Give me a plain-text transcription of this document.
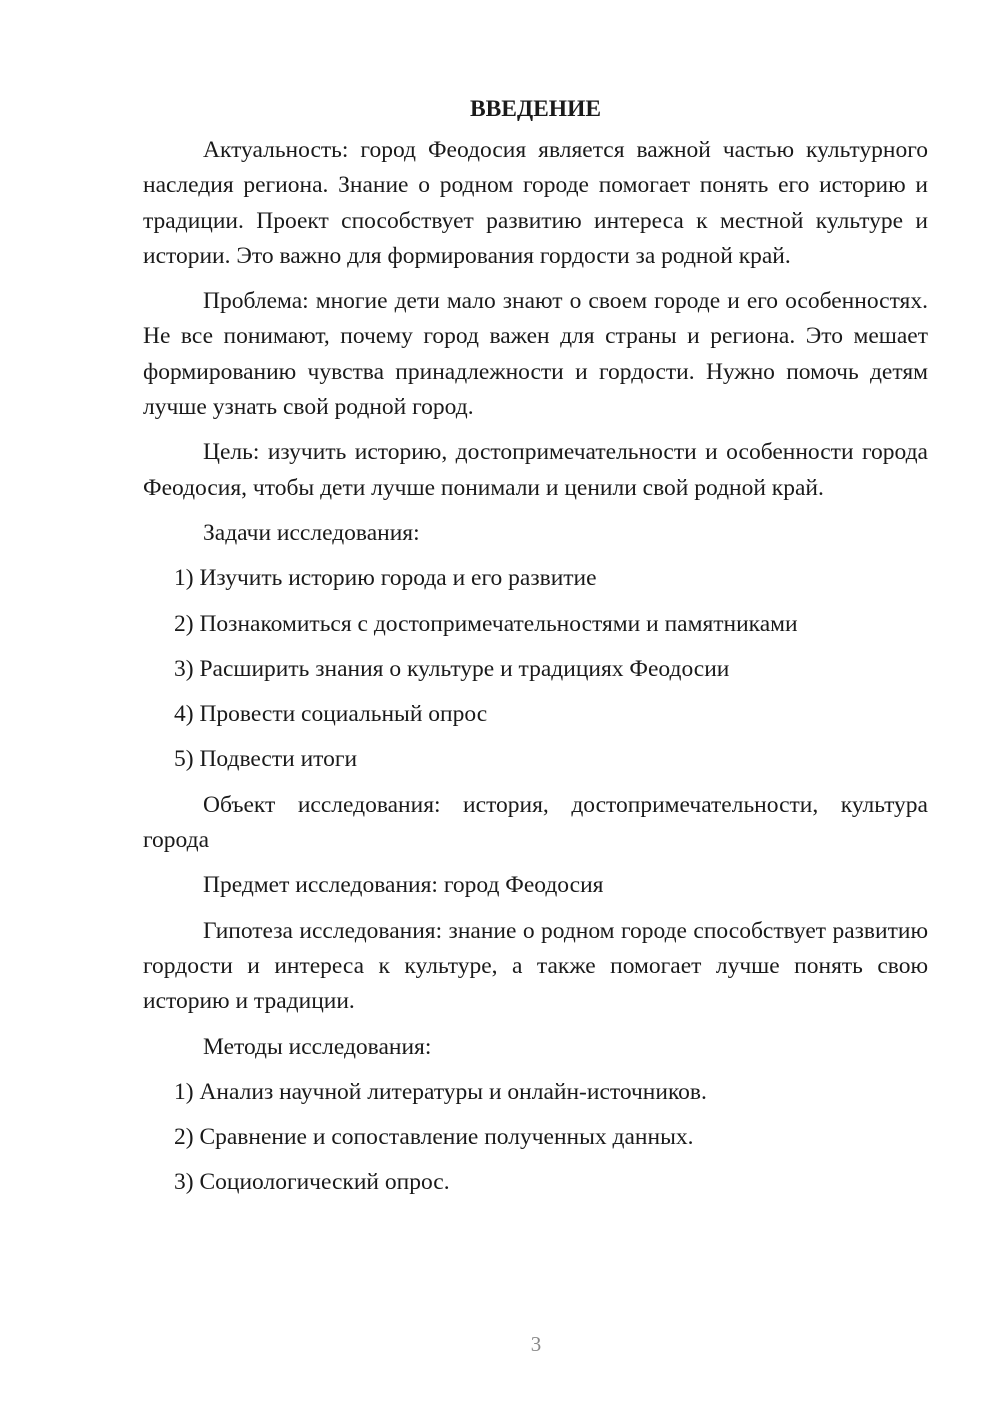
ВВЕДЕНИЕ

Актуальность: город Феодосия является важной частью культурного наследия региона. Знание о родном городе помогает понять его историю и традиции. Проект способствует развитию интереса к местной культуре и истории. Это важно для формирования гордости за родной край.

Проблема: многие дети мало знают о своем городе и его особенностях. Не все понимают, почему город важен для страны и региона. Это мешает формированию чувства принадлежности и гордости. Нужно помочь детям лучше узнать свой родной город.

Цель: изучить историю, достопримечательности и особенности города Феодосия, чтобы дети лучше понимали и ценили свой родной край.

Задачи исследования:
1) Изучить историю города и его развитие
2) Познакомиться с достопримечательностями и памятниками
3) Расширить знания о культуре и традициях Феодосии
4) Провести социальный опрос
5) Подвести итоги

Объект исследования: история, достопримечательности, культура города

Предмет исследования: город Феодосия

Гипотеза исследования: знание о родном городе способствует развитию гордости и интереса к культуре, а также помогает лучше понять свою историю и традиции.

Методы исследования:
1) Анализ научной литературы и онлайн-источников.
2) Сравнение и сопоставление полученных данных.
3) Социологический опрос.
3
